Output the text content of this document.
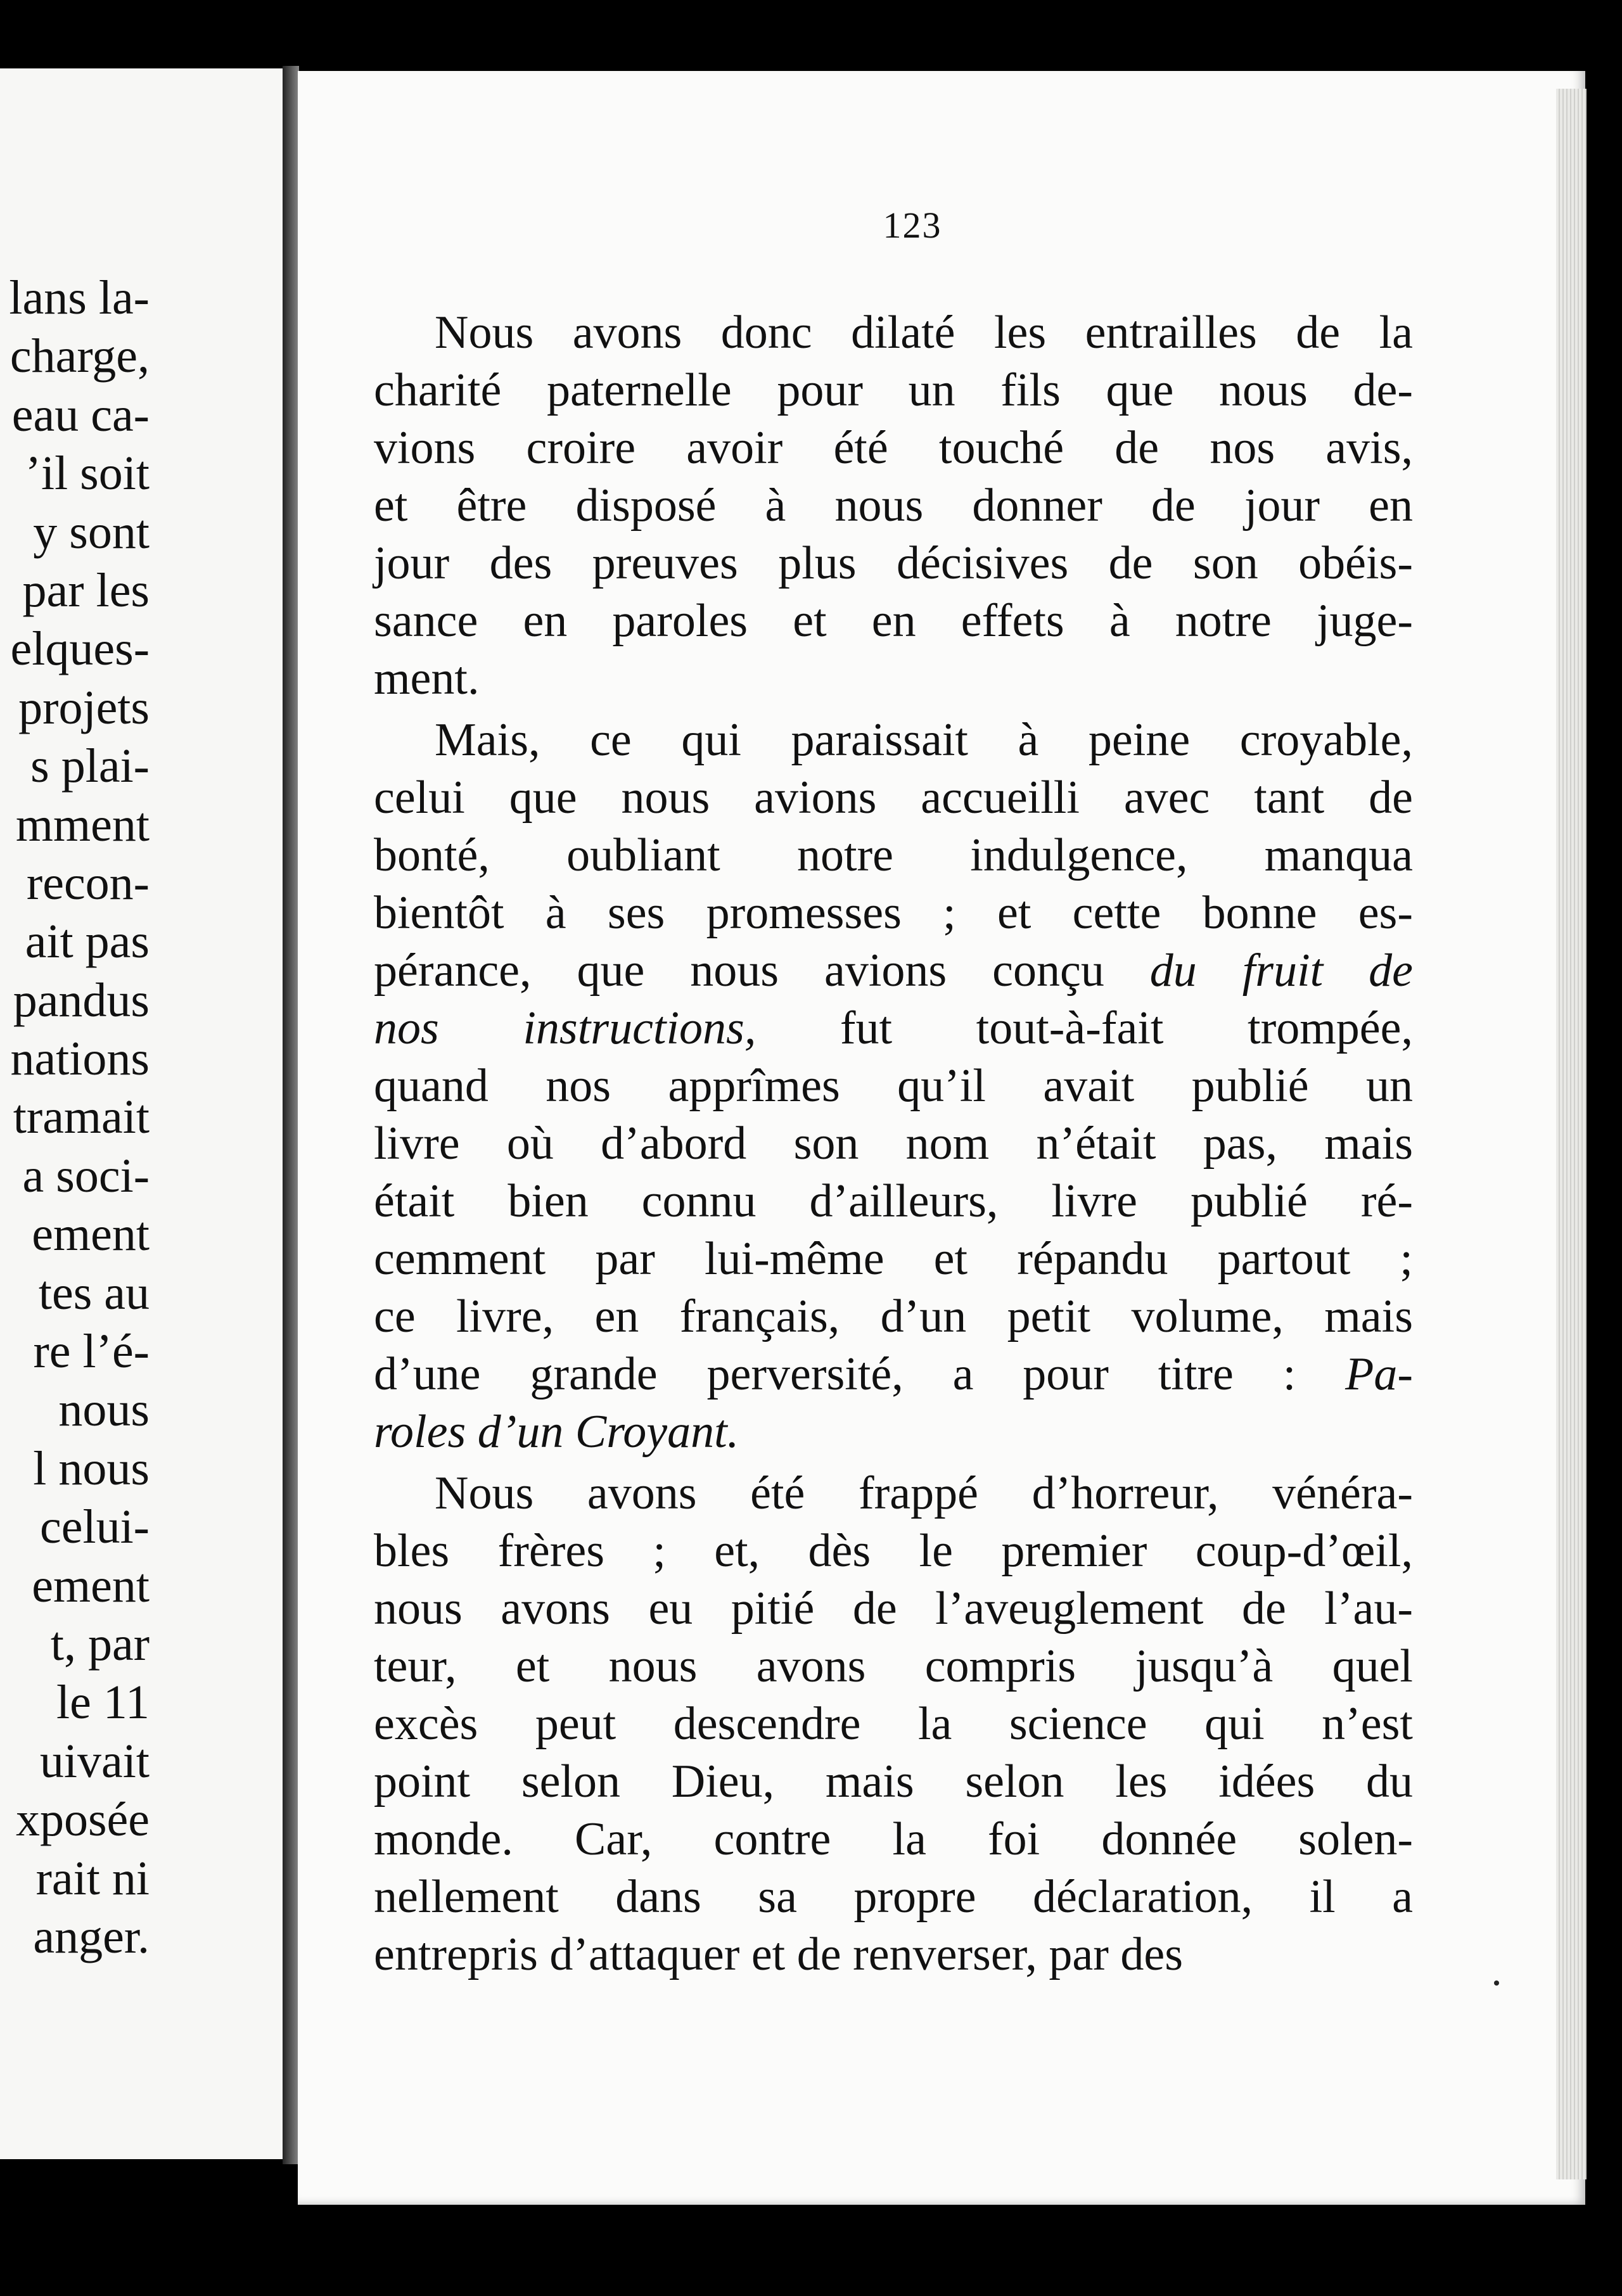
lans la-
charge,
eau ca-
’il soit
y sont
par les
elques-
projets
s plai-
mment
recon-
ait pas
pandus
nations
tramait
a soci-
ement
tes au
re l’é-
nous
l nous
celui-
ement
t, par
le 11
uivait
xposée
rait ni
anger.
123
Nous avons donc dilaté les entrailles de la
charité paternelle pour un fils que nous de-
vions croire avoir été touché de nos avis,
et être disposé à nous donner de jour en
jour des preuves plus décisives de son obéis-
sance en paroles et en effets à notre juge-
ment.
Mais, ce qui paraissait à peine croyable,
celui que nous avions accueilli avec tant de
bonté, oubliant notre indulgence, manqua
bientôt à ses promesses ; et cette bonne es-
pérance, que nous avions conçu du fruit de
nos instructions, fut tout-à-fait trompée,
quand nos apprîmes qu’il avait publié un
livre où d’abord son nom n’était pas, mais
était bien connu d’ailleurs, livre publié ré-
cemment par lui-même et répandu partout ;
ce livre, en français, d’un petit volume, mais
d’une grande perversité, a pour titre : Pa-
roles d’un Croyant.
Nous avons été frappé d’horreur, vénéra-
bles frères ; et, dès le premier coup-d’œil,
nous avons eu pitié de l’aveuglement de l’au-
teur, et nous avons compris jusqu’à quel
excès peut descendre la science qui n’est
point selon Dieu, mais selon les idées du
monde. Car, contre la foi donnée solen-
nellement dans sa propre déclaration, il a
entrepris d’attaquer et de renverser, par des
